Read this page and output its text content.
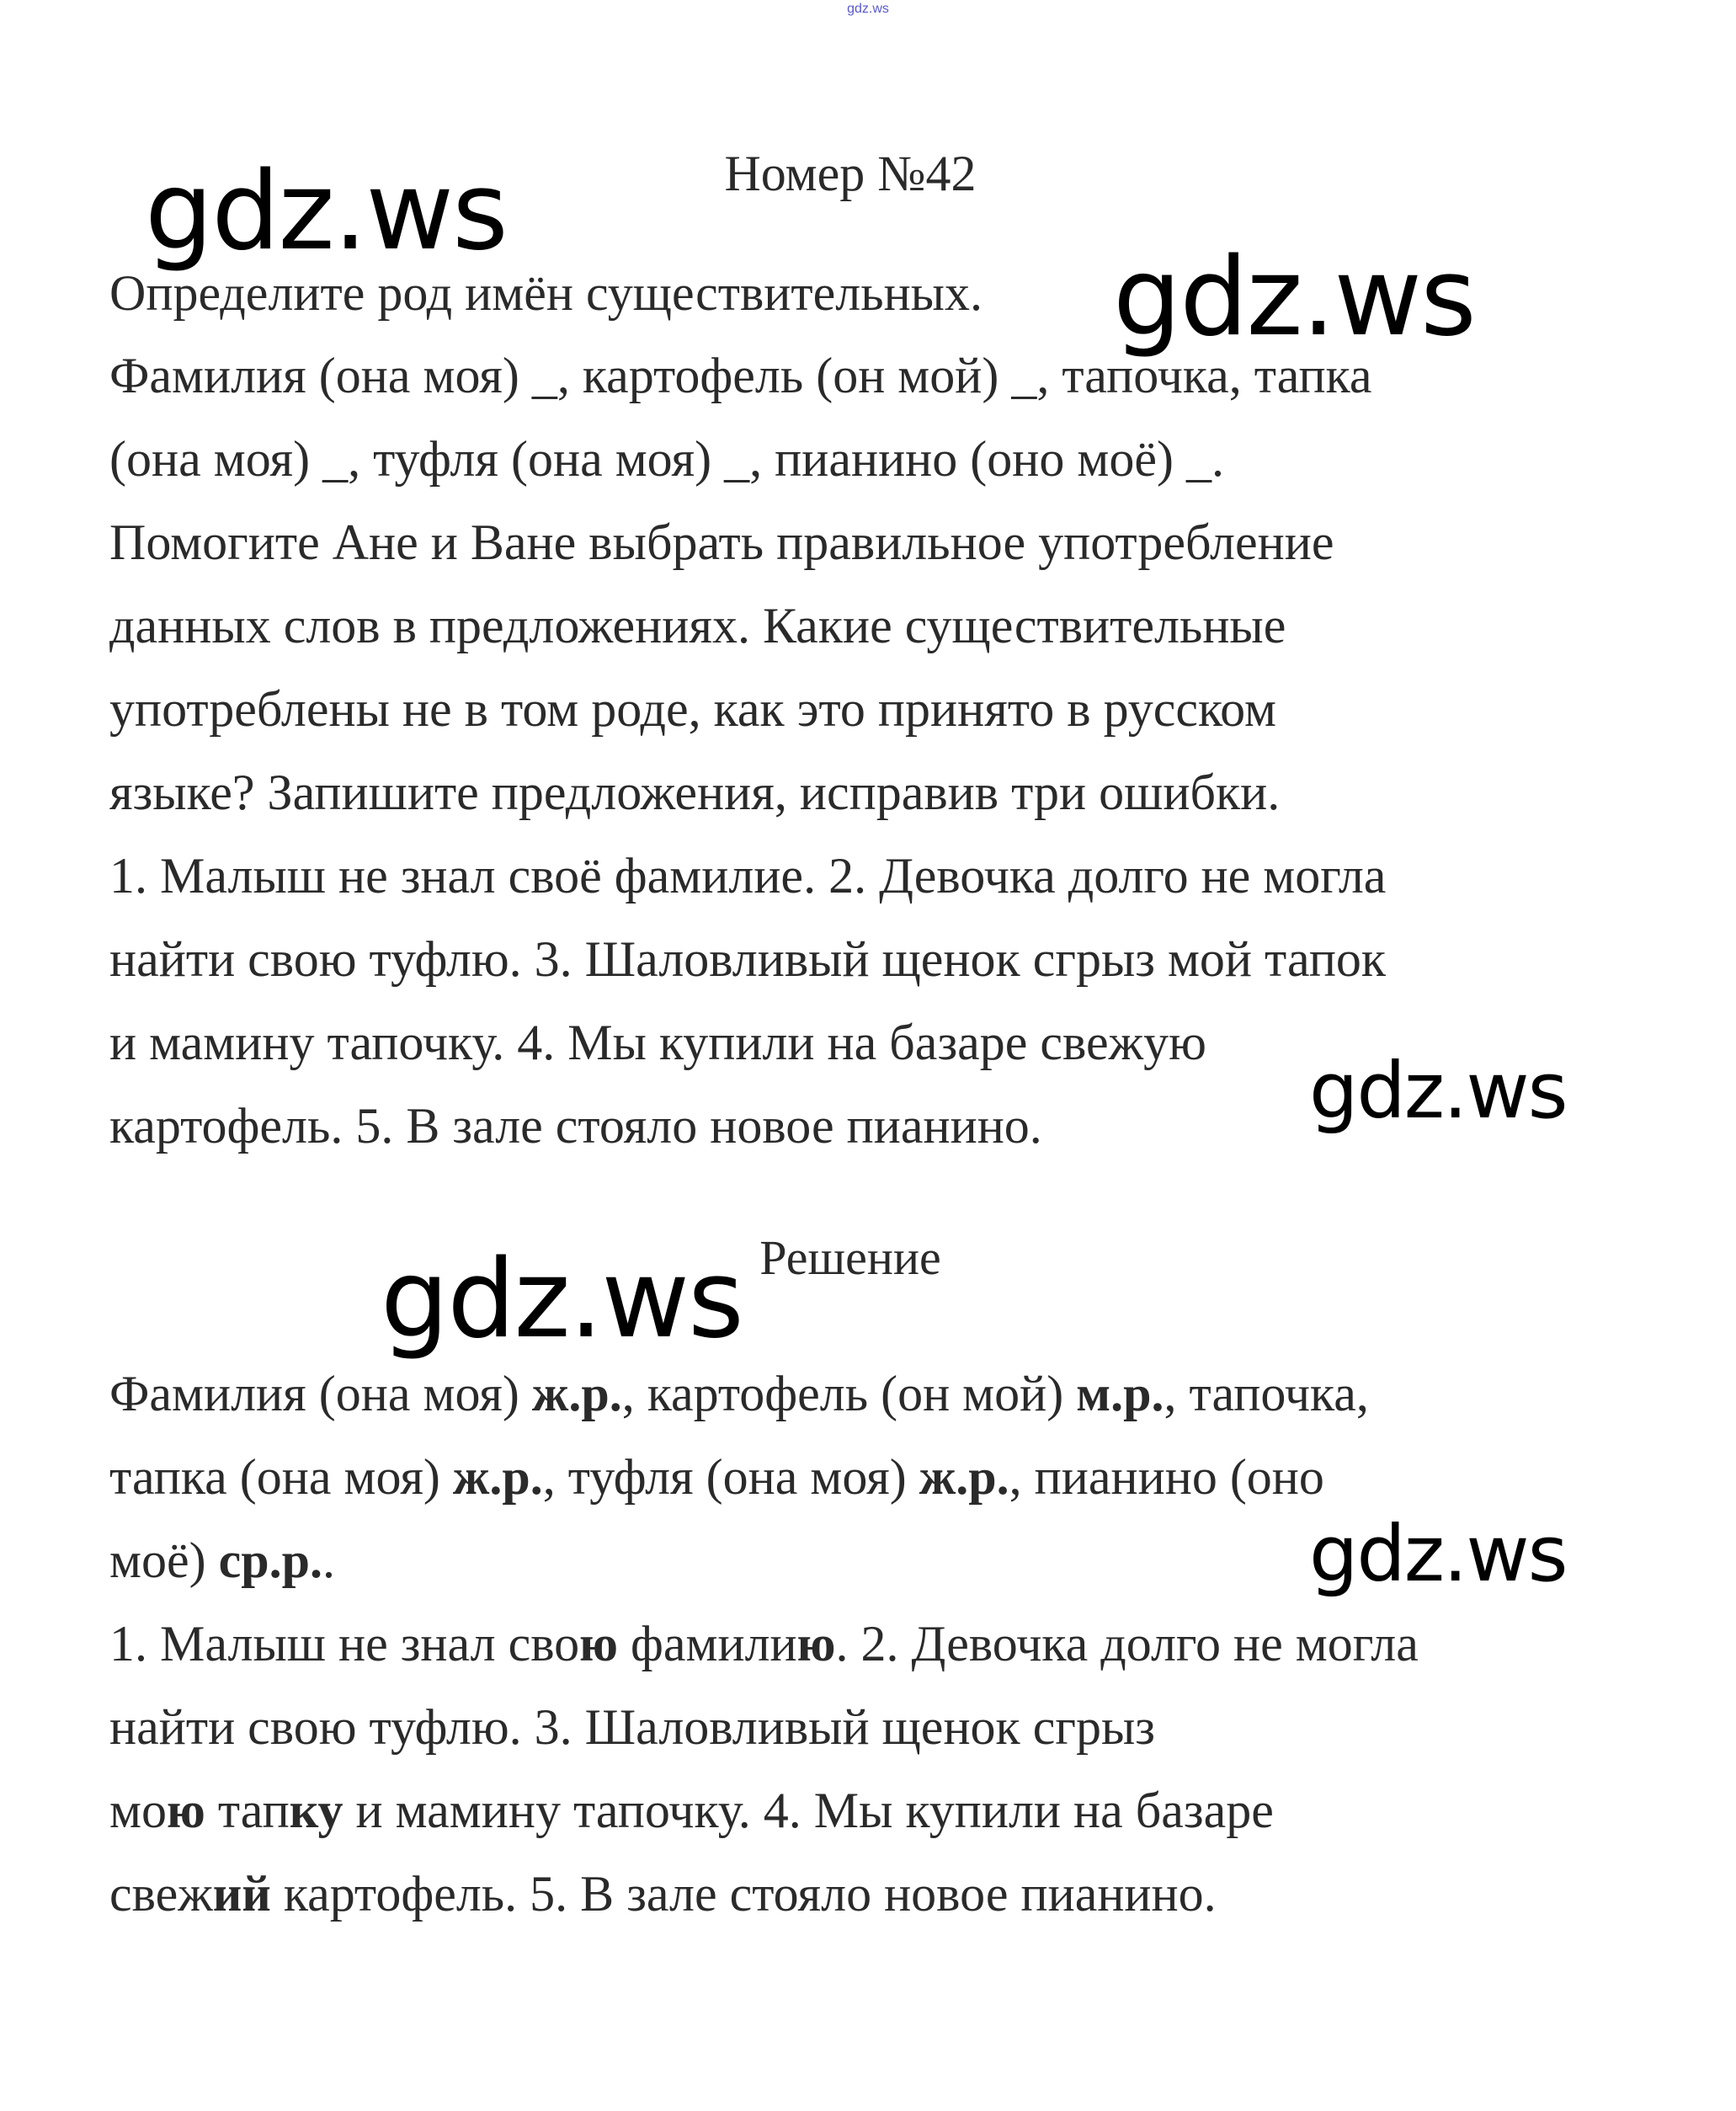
gdz.ws
Номер №42
Определите род имён существительных.
Фамилия (она моя) _, картофель (он мой) _, тапочка, тапка
(она моя) _, туфля (она моя) _, пианино (оно моё) _.
Помогите Ане и Ване выбрать правильное употребление
данных слов в предложениях. Какие существительные
употреблены не в том роде, как это принято в русском
языке? Запишите предложения, исправив три ошибки.
1. Малыш не знал своё фамилие. 2. Девочка долго не могла
найти свою туфлю. 3. Шаловливый щенок сгрыз мой тапок
и мамину тапочку. 4. Мы купили на базаре свежую
картофель. 5. В зале стояло новое пианино.
Решение
Фамилия (она моя) ж.р., картофель (он мой) м.р., тапочка,
тапка (она моя) ж.р., туфля (она моя) ж.р., пианино (оно
моё) ср.р..
1. Малыш не знал свою фамилию. 2. Девочка долго не могла
найти свою туфлю. 3. Шаловливый щенок сгрыз
мою тапку и мамину тапочку. 4. Мы купили на базаре
свежий картофель. 5. В зале стояло новое пианино.
gdz.ws
gdz.ws
gdz.ws
gdz.ws
gdz.ws
